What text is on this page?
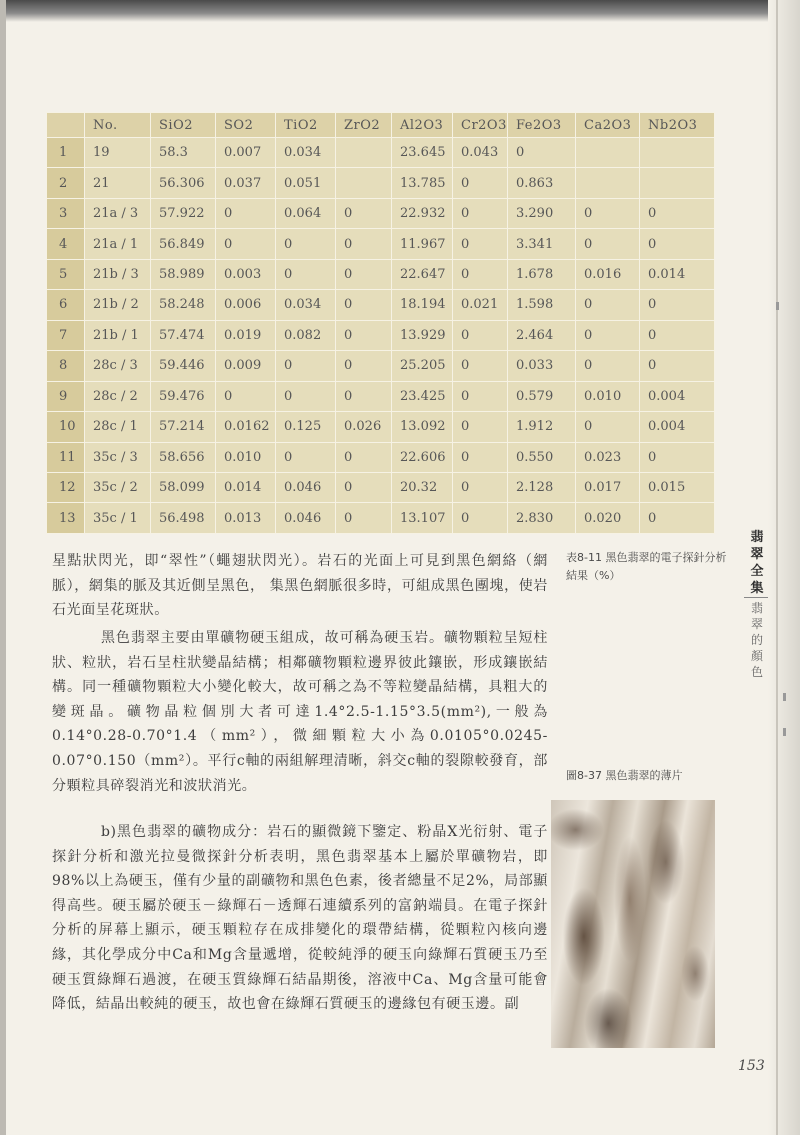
	No.	SiO2	SO2	TiO2	ZrO2	Al2O3	Cr2O3	Fe2O3	Ca2O3	Nb2O3
1	19	58.3	0.007	0.034		23.645	0.043	0		
2	21	56.306	0.037	0.051		13.785	0	0.863		
3	21a / 3	57.922	0	0.064	0	22.932	0	3.290	0	0
4	21a / 1	56.849	0	0	0	11.967	0	3.341	0	0
5	21b / 3	58.989	0.003	0	0	22.647	0	1.678	0.016	0.014
6	21b / 2	58.248	0.006	0.034	0	18.194	0.021	1.598	0	0
7	21b / 1	57.474	0.019	0.082	0	13.929	0	2.464	0	0
8	28c / 3	59.446	0.009	0	0	25.205	0	0.033	0	0
9	28c / 2	59.476	0	0	0	23.425	0	0.579	0.010	0.004
10	28c / 1	57.214	0.0162	0.125	0.026	13.092	0	1.912	0	0.004
11	35c / 3	58.656	0.010	0	0	22.606	0	0.550	0.023	0
12	35c / 2	58.099	0.014	0.046	0	20.32	0	2.128	0.017	0.015
13	35c / 1	56.498	0.013	0.046	0	13.107	0	2.830	0.020	0

星點狀閃光，即“翠性”（蠅翅狀閃光）。岩石的光面上可見到黑色網絡（網脈），網集的脈及其近側呈黑色， 集黑色網脈很多時，可組成黑色團塊，使岩石光面呈花斑狀。

黑色翡翠主要由單礦物硬玉組成，故可稱為硬玉岩。礦物顆粒呈短柱狀、粒狀，岩石呈柱狀變晶結構；相鄰礦物顆粒邊界彼此鑲嵌，形成鑲嵌結構。同一種礦物顆粒大小變化較大，故可稱之為不等粒變晶結構，具粗大的變斑晶。礦物晶粒個別大者可達1.4°2.5-1.15°3.5(mm²),一般為0.14°0.28-0.70°1.4（mm²），微細顆粒大小為0.0105°0.0245-0.07°0.150（mm²）。平行c軸的兩組解理清晰，斜交c軸的裂隙較發育，部分顆粒具碎裂消光和波狀消光。

b)黑色翡翠的礦物成分：岩石的顯微鏡下鑒定、粉晶X光衍射、電子探針分析和激光拉曼微探針分析表明，黑色翡翠基本上屬於單礦物岩，即98%以上為硬玉，僅有少量的副礦物和黑色色素，後者總量不足2%，局部顯得高些。硬玉屬於硬玉－綠輝石－透輝石連續系列的富鈉端員。在電子探針分析的屏幕上顯示，硬玉顆粒存在成排變化的環帶結構，從顆粒內核向邊緣，其化學成分中Ca和Mg含量遞增，從較純淨的硬玉向綠輝石質硬玉乃至硬玉質綠輝石過渡，在硬玉質綠輝石結晶期後，溶液中Ca、Mg含量可能會降低，結晶出較純的硬玉，故也會在綠輝石質硬玉的邊緣包有硬玉邊。副

表8-11 黑色翡翠的電子探針分析結果（%）

圖8-37 黑色翡翠的薄片

翡翠全集
翡翠的顏色
153
